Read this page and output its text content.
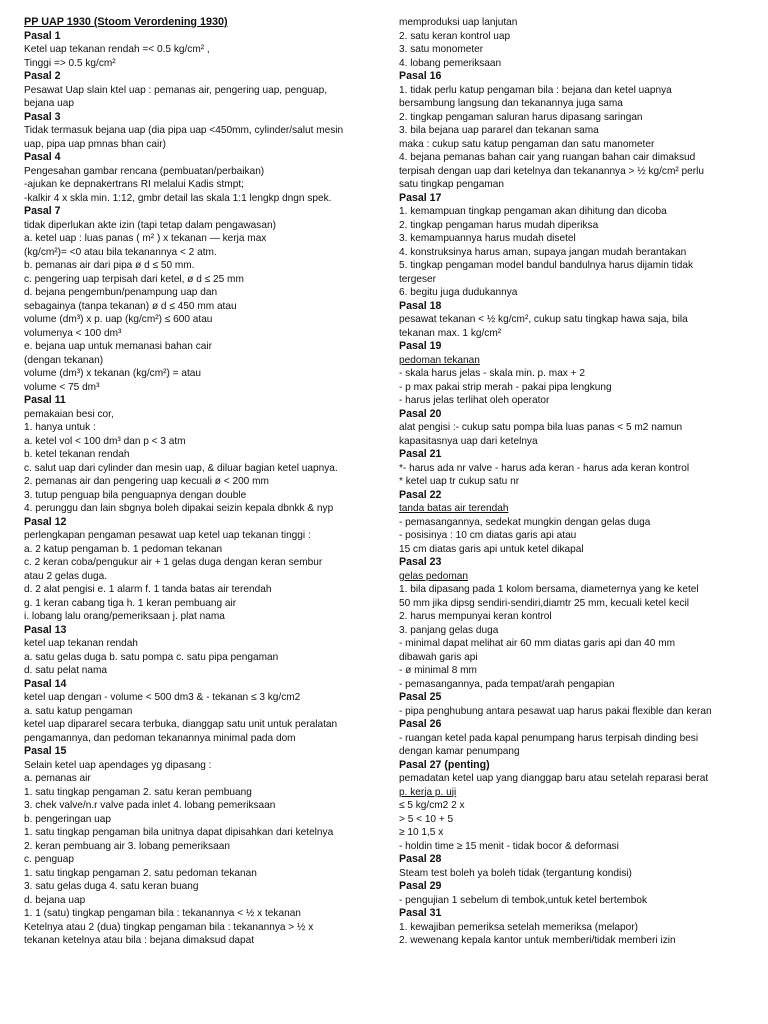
PP UAP 1930 (Stoom Verordening 1930)
Pasal 1
Ketel uap tekanan rendah =< 0.5 kg/cm² ,
Tinggi => 0.5 kg/cm²
Pasal 2
Pesawat Uap slain ktel uap : pemanas air, pengering uap, penguap,
bejana uap
Pasal 3
Tidak termasuk bejana uap (dia pipa uap <450mm, cylinder/salut mesin
uap, pipa uap pmnas bhan cair)
Pasal 4
Pengesahan gambar rencana (pembuatan/perbaikan)
-ajukan ke depnakertrans RI melalui Kadis stmpt;
-kalkir 4 x skla min. 1:12, gmbr detail las skala 1:1 lengkp dngn spek.
Pasal 7
tidak diperlukan akte izin (tapi tetap dalam pengawasan)
a. ketel uap : luas panas ( m² ) x tekanan — kerja max
(kg/cm²)= <0 atau bila tekanannya < 2 atm.
b. pemanas air dari pipa ø d ≤ 50 mm.
c. pengering uap terpisah dari ketel, ø d ≤ 25 mm
d. bejana pengembun/penampung uap dan
sebagainya (tanpa tekanan) ø d ≤ 450 mm atau
volume (dm³) x p. uap (kg/cm²) ≤ 600 atau
volumenya < 100 dm³
e. bejana uap untuk memanasi bahan cair
(dengan tekanan)
volume (dm³) x tekanan (kg/cm²) = atau
volume < 75 dm³
Pasal 11
pemakaian besi cor,
1. hanya untuk :
a. ketel vol < 100 dm³ dan p < 3 atm
b. ketel tekanan rendah
c. salut uap dari cylinder dan mesin uap, & diluar bagian ketel uapnya.
2. pemanas air dan pengering uap kecuali ø < 200 mm
3. tutup penguap bila penguapnya dengan double
4. perunggu dan lain sbgnya boleh dipakai seizin kepala dbnkk & nyp
Pasal 12
perlengkapan pengaman pesawat uap ketel uap tekanan tinggi :
a. 2 katup pengaman b. 1 pedoman tekanan
c. 2 keran coba/pengukur air + 1 gelas duga dengan keran sembur
atau 2 gelas duga.
d. 2 alat pengisi e. 1 alarm f. 1 tanda batas air terendah
g. 1 keran cabang tiga h. 1 keran pembuang air
i. lobang lalu orang/pemeriksaan j. plat nama
Pasal 13
ketel uap tekanan rendah
a. satu gelas duga b. satu pompa c. satu pipa pengaman
d. satu pelat nama
Pasal 14
ketel uap dengan - volume < 500 dm3 & - tekanan ≤ 3 kg/cm2
a. satu katup pengaman
ketel uap dipararel secara terbuka, dianggap satu unit untuk peralatan
pengamannya, dan pedoman tekanannya minimal pada dom
Pasal 15
Selain ketel uap apendages yg dipasang :
a. pemanas air
1. satu tingkap pengaman 2. satu keran pembuang
3. chek valve/n.r valve pada inlet 4. lobang pemeriksaan
b. pengeringan uap
1. satu tingkap pengaman bila unitnya dapat dipisahkan dari ketelnya
2. keran pembuang air 3. lobang pemeriksaan
c. penguap
1. satu tingkap pengaman 2. satu pedoman tekanan
3. satu gelas duga 4. satu keran buang
d. bejana uap
1. 1 (satu) tingkap pengaman bila : tekanannya < ½ x tekanan
Ketelnya atau 2 (dua) tingkap pengaman bila : tekanannya > ½ x
tekanan ketelnya atau bila : bejana dimaksud dapat
memproduksi uap lanjutan
2. satu keran kontrol uap
3. satu monometer
4. lobang pemeriksaan
Pasal 16
1. tidak perlu katup pengaman bila : bejana dan ketel uapnya
bersambung langsung dan tekanannya juga sama
2. tingkap pengaman saluran harus dipasang saringan
3. bila bejana uap pararel dan tekanan sama
maka : cukup satu katup pengaman dan satu manometer
4. bejana pemanas bahan cair yang ruangan bahan cair dimaksud
terpisah dengan uap dari ketelnya dan tekanannya > ½ kg/cm² perlu
satu tingkap pengaman
Pasal 17
1. kemampuan tingkap pengaman akan dihitung dan dicoba
2. tingkap pengaman harus mudah diperiksa
3. kemampuannya harus mudah disetel
4. konstruksinya harus aman, supaya jangan mudah berantakan
5. tingkap pengaman model bandul bandulnya harus dijamin tidak
tergeser
6. begitu juga dudukannya
Pasal 18
pesawat tekanan < ½ kg/cm², cukup satu tingkap hawa saja, bila
tekanan max. 1 kg/cm²
Pasal 19
pedoman tekanan
- skala harus jelas - skala min. p. max + 2
- p max pakai strip merah - pakai pipa lengkung
- harus jelas terlihat oleh operator
Pasal 20
alat pengisi :- cukup satu pompa bila luas panas < 5 m2 namun
kapasitasnya uap dari ketelnya
Pasal 21
*- harus ada nr valve - harus ada keran - harus ada keran kontrol
* ketel uap tr cukup satu nr
Pasal 22
tanda batas air terendah
- pemasangannya, sedekat mungkin dengan gelas duga
- posisinya : 10 cm diatas garis api atau
15 cm diatas garis api untuk ketel dikapal
Pasal 23
gelas pedoman
1. bila dipasang pada 1 kolom bersama, diameternya yang ke ketel
50 mm jika dipsg sendiri-sendiri,diamtr 25 mm, kecuali ketel kecil
2. harus mempunyai keran kontrol
3. panjang gelas duga
- minimal dapat melihat air 60 mm diatas garis api dan 40 mm
dibawah garis api
- ø minimal 8 mm
- pemasangannya, pada tempat/arah pengapian
Pasal 25
- pipa penghubung antara pesawat uap harus pakai flexible dan keran
Pasal 26
- ruangan ketel pada kapal penumpang harus terpisah dinding besi
dengan kamar penumpang
Pasal 27 (penting)
pemadatan ketel uap yang dianggap baru atau setelah reparasi berat
p. kerja p. uji
≤ 5 kg/cm2 2 x
> 5 < 10 + 5
≥ 10 1,5 x
- holdin time ≥ 15 menit - tidak bocor & deformasi
Pasal 28
Steam test boleh ya boleh tidak (tergantung kondisi)
Pasal 29
- pengujian 1 sebelum di tembok,untuk ketel bertembok
Pasal 31
1. kewajiban pemeriksa setelah memeriksa (melapor)
2. wewenang kepala kantor untuk memberi/tidak memberi izin
